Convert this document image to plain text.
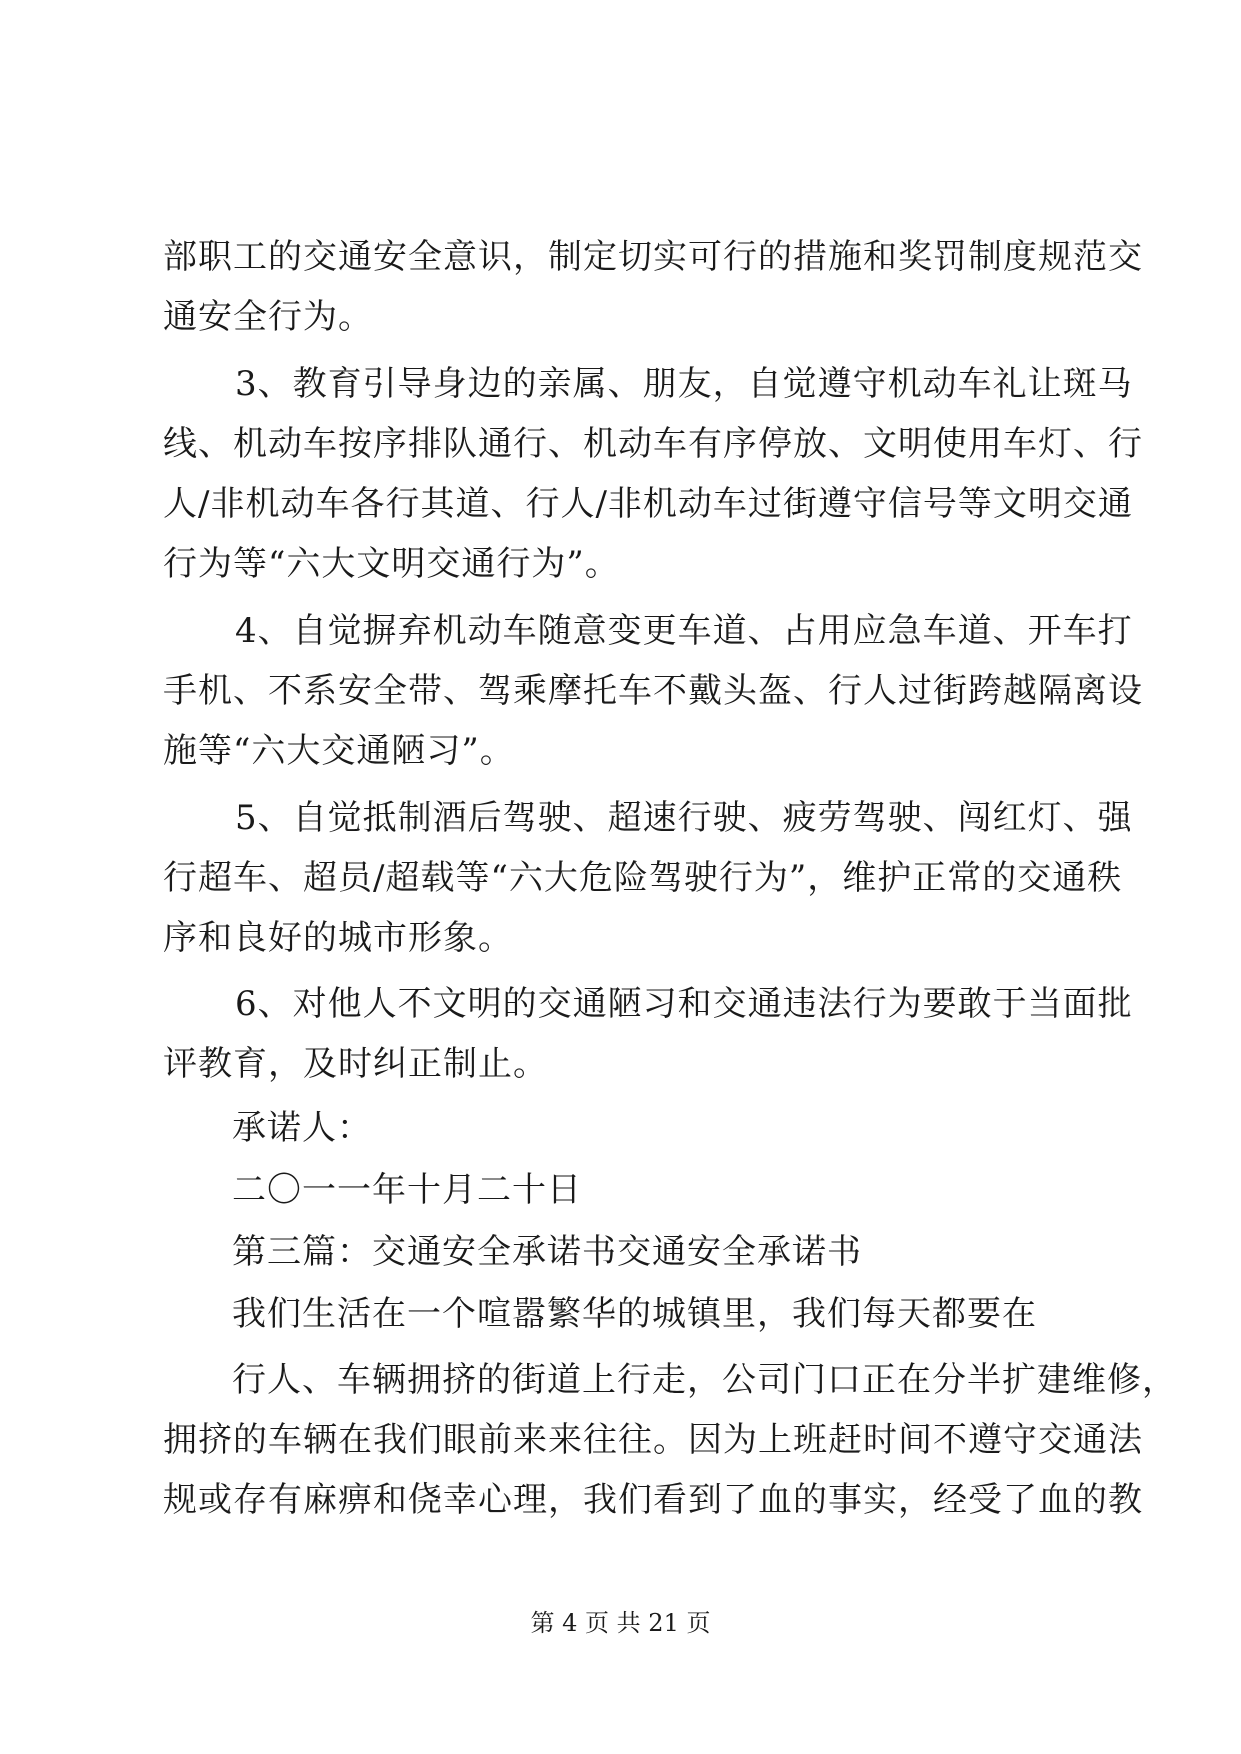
部职工的交通安全意识，制定切实可行的措施和奖罚制度规范交
通安全行为。
3、教育引导身边的亲属、朋友，自觉遵守机动车礼让斑马
线、机动车按序排队通行、机动车有序停放、文明使用车灯、行
人/非机动车各行其道、行人/非机动车过街遵守信号等文明交通
行为等“六大文明交通行为”。
4、自觉摒弃机动车随意变更车道、占用应急车道、开车打
手机、不系安全带、驾乘摩托车不戴头盔、行人过街跨越隔离设
施等“六大交通陋习”。
5、自觉抵制酒后驾驶、超速行驶、疲劳驾驶、闯红灯、强
行超车、超员/超载等“六大危险驾驶行为”，维护正常的交通秩
序和良好的城市形象。
6、对他人不文明的交通陋习和交通违法行为要敢于当面批
评教育，及时纠正制止。
承诺人：
二〇一一年十月二十日
第三篇：交通安全承诺书交通安全承诺书
我们生活在一个喧嚣繁华的城镇里，我们每天都要在
行人、车辆拥挤的街道上行走，公司门口正在分半扩建维修，
拥挤的车辆在我们眼前来来往往。因为上班赶时间不遵守交通法
规或存有麻痹和侥幸心理，我们看到了血的事实，经受了血的教
第 4 页 共 21 页
